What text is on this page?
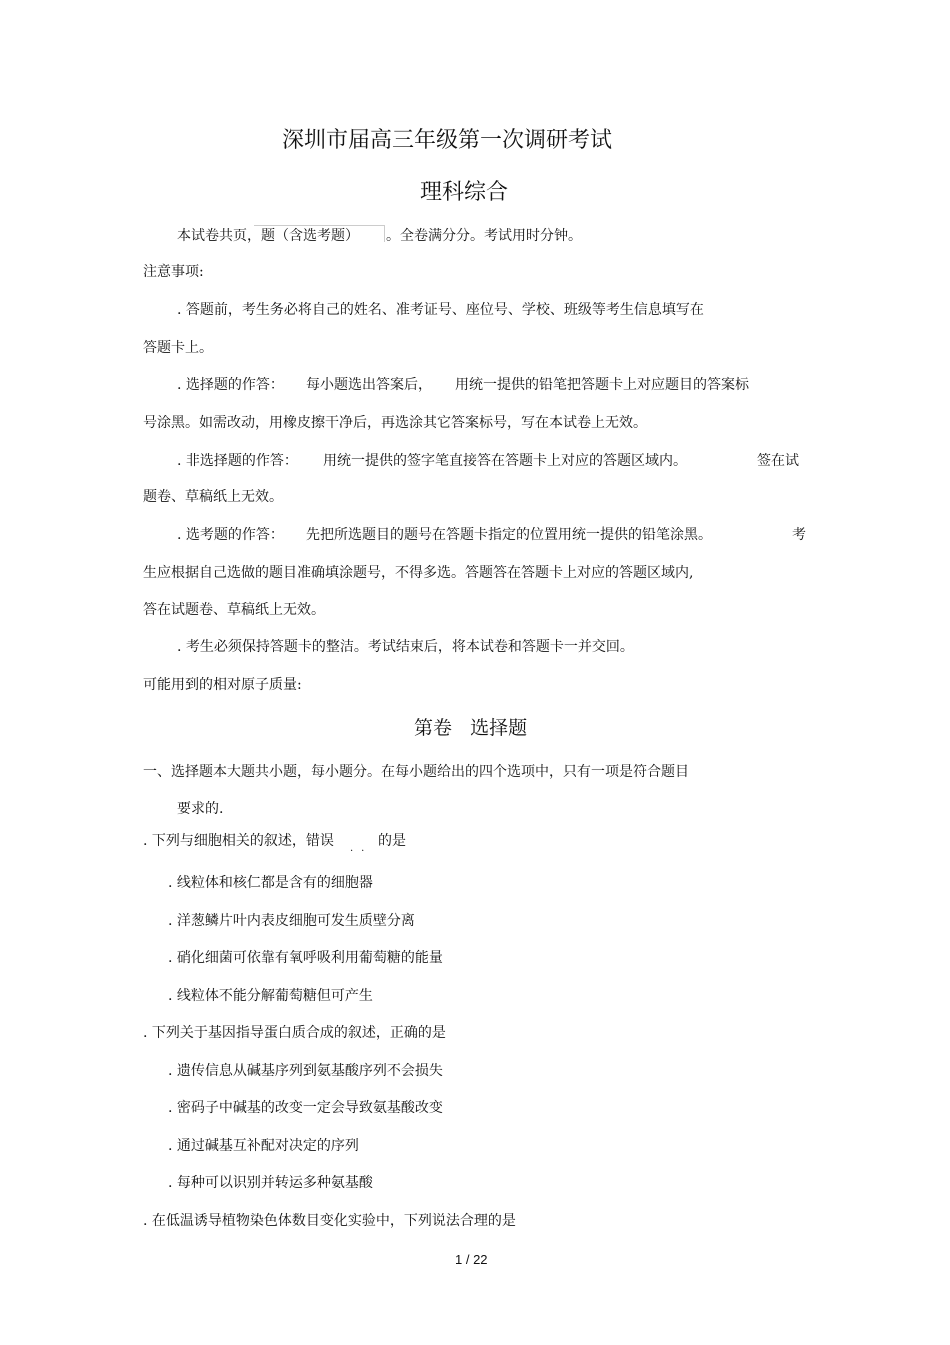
深圳市届高三年级第一次调研考试
理科综合
本试卷共页，题（含选考题） 。全卷满分分。考试用时分钟。
注意事项:
. 答题前，考生务必将自己的姓名、准考证号、座位号、学校、班级等考生信息填写在
答题卡上。
. 选择题的作答： 每小题选出答案后， 用统一提供的铅笔把答题卡上对应题目的答案标
号涂黑。如需改动，用橡皮擦干净后，再选涂其它答案标号，写在本试卷上无效。
. 非选择题的作答： 用统一提供的签字笔直接答在答题卡上对应的答题区域内。	签在试
题卷、草稿纸上无效。
. 选考题的作答： 先把所选题目的题号在答题卡指定的位置用统一提供的铅笔涂黑。	考
生应根据自己选做的题目准确填涂题号，不得多选。答题答在答题卡上对应的答题区域内,
答在试题卷、草稿纸上无效。
. 考生必须保持答题卡的整洁。考试结束后，将本试卷和答题卡一并交回。
可能用到的相对原子质量:
第卷   选择题
一、选择题本大题共小题，每小题分。在每小题给出的四个选项中，只有一项是符合题目
要求的.
. 下列与细胞相关的叙述，错误 .. 的是
. 线粒体和核仁都是含有的细胞器
. 洋葱鳞片叶内表皮细胞可发生质壁分离
. 硝化细菌可依靠有氧呼吸利用葡萄糖的能量
. 线粒体不能分解葡萄糖但可产生
. 下列关于基因指导蛋白质合成的叙述，正确的是
. 遗传信息从碱基序列到氨基酸序列不会损失
. 密码子中碱基的改变一定会导致氨基酸改变
. 通过碱基互补配对决定的序列
. 每种可以识别并转运多种氨基酸
. 在低温诱导植物染色体数目变化实验中，下列说法合理的是
1 / 22
